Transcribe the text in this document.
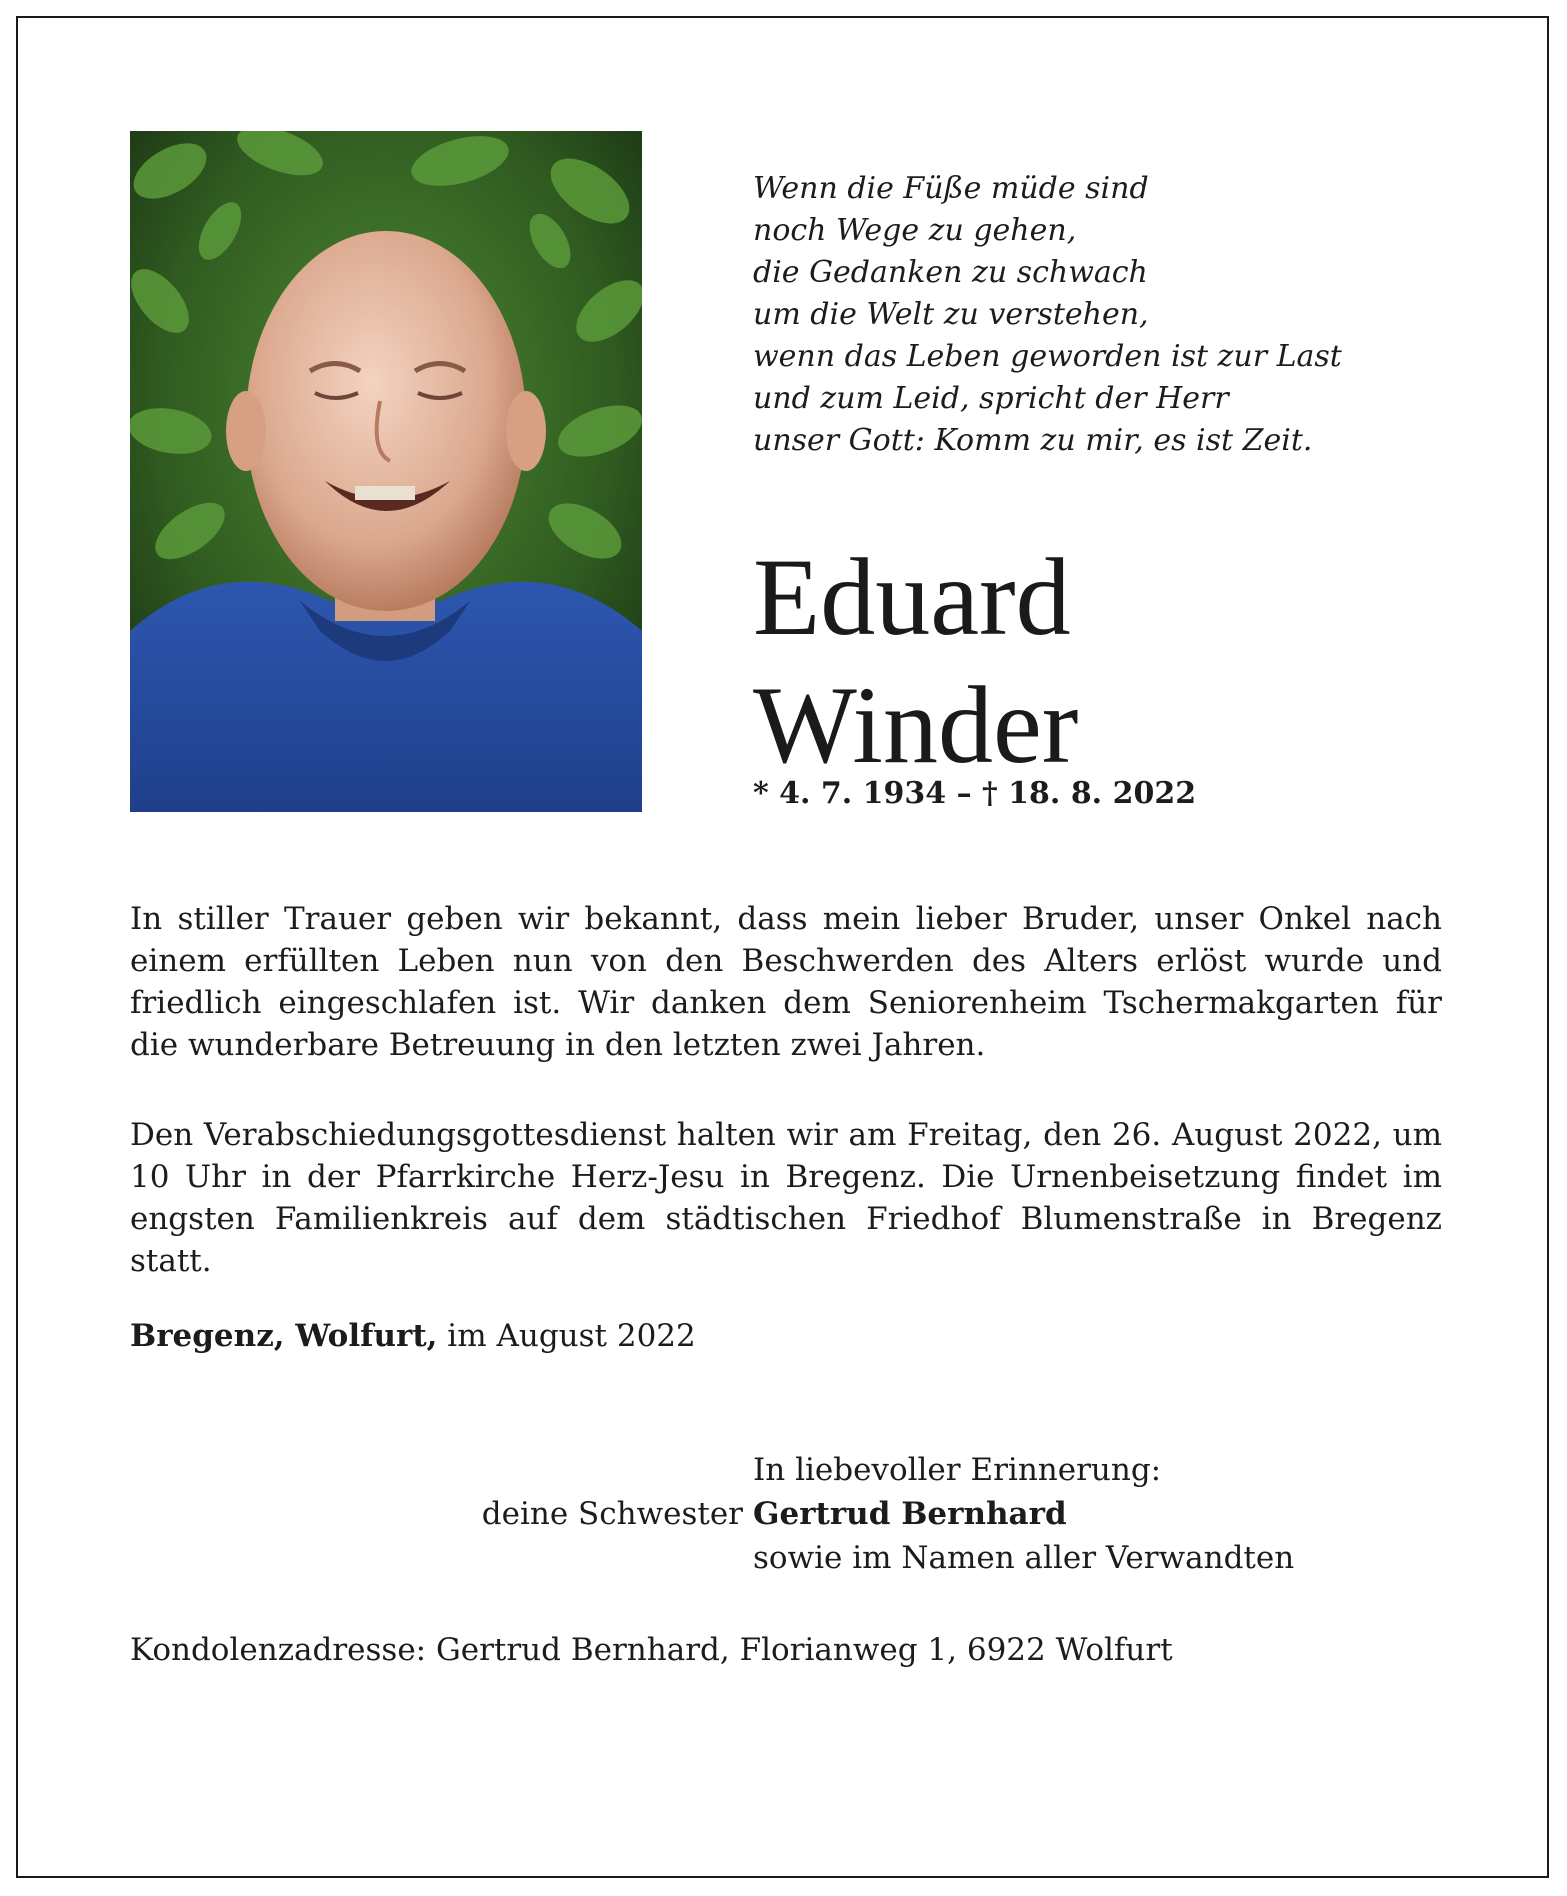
Wenn die Füße müde sind
noch Wege zu gehen,
die Gedanken zu schwach
um die Welt zu verstehen,
wenn das Leben geworden ist zur Last
und zum Leid, spricht der Herr
unser Gott: Komm zu mir, es ist Zeit.
Eduard
Winder
* 4. 7. 1934 – † 18. 8. 2022
In stiller Trauer geben wir bekannt, dass mein lieber Bruder, unser Onkel nach einem erfüllten Leben nun von den Beschwerden des Alters erlöst wurde und friedlich eingeschlafen ist. Wir danken dem Seniorenheim Tschermakgarten für die wunderbare Betreuung in den letzten zwei Jahren.
Den Verabschiedungsgottesdienst halten wir am Freitag, den 26. August 2022, um 10 Uhr in der Pfarrkirche Herz-Jesu in Bregenz. Die Urnenbeisetzung findet im engsten Familienkreis auf dem städtischen Friedhof Blumenstraße in Bregenz statt.
Bregenz, Wolfurt, im August 2022
In liebevoller Erinnerung:
Gertrud Bernhard
sowie im Namen aller Verwandten
deine Schwester
Kondolenzadresse: Gertrud Bernhard, Florianweg 1, 6922 Wolfurt
